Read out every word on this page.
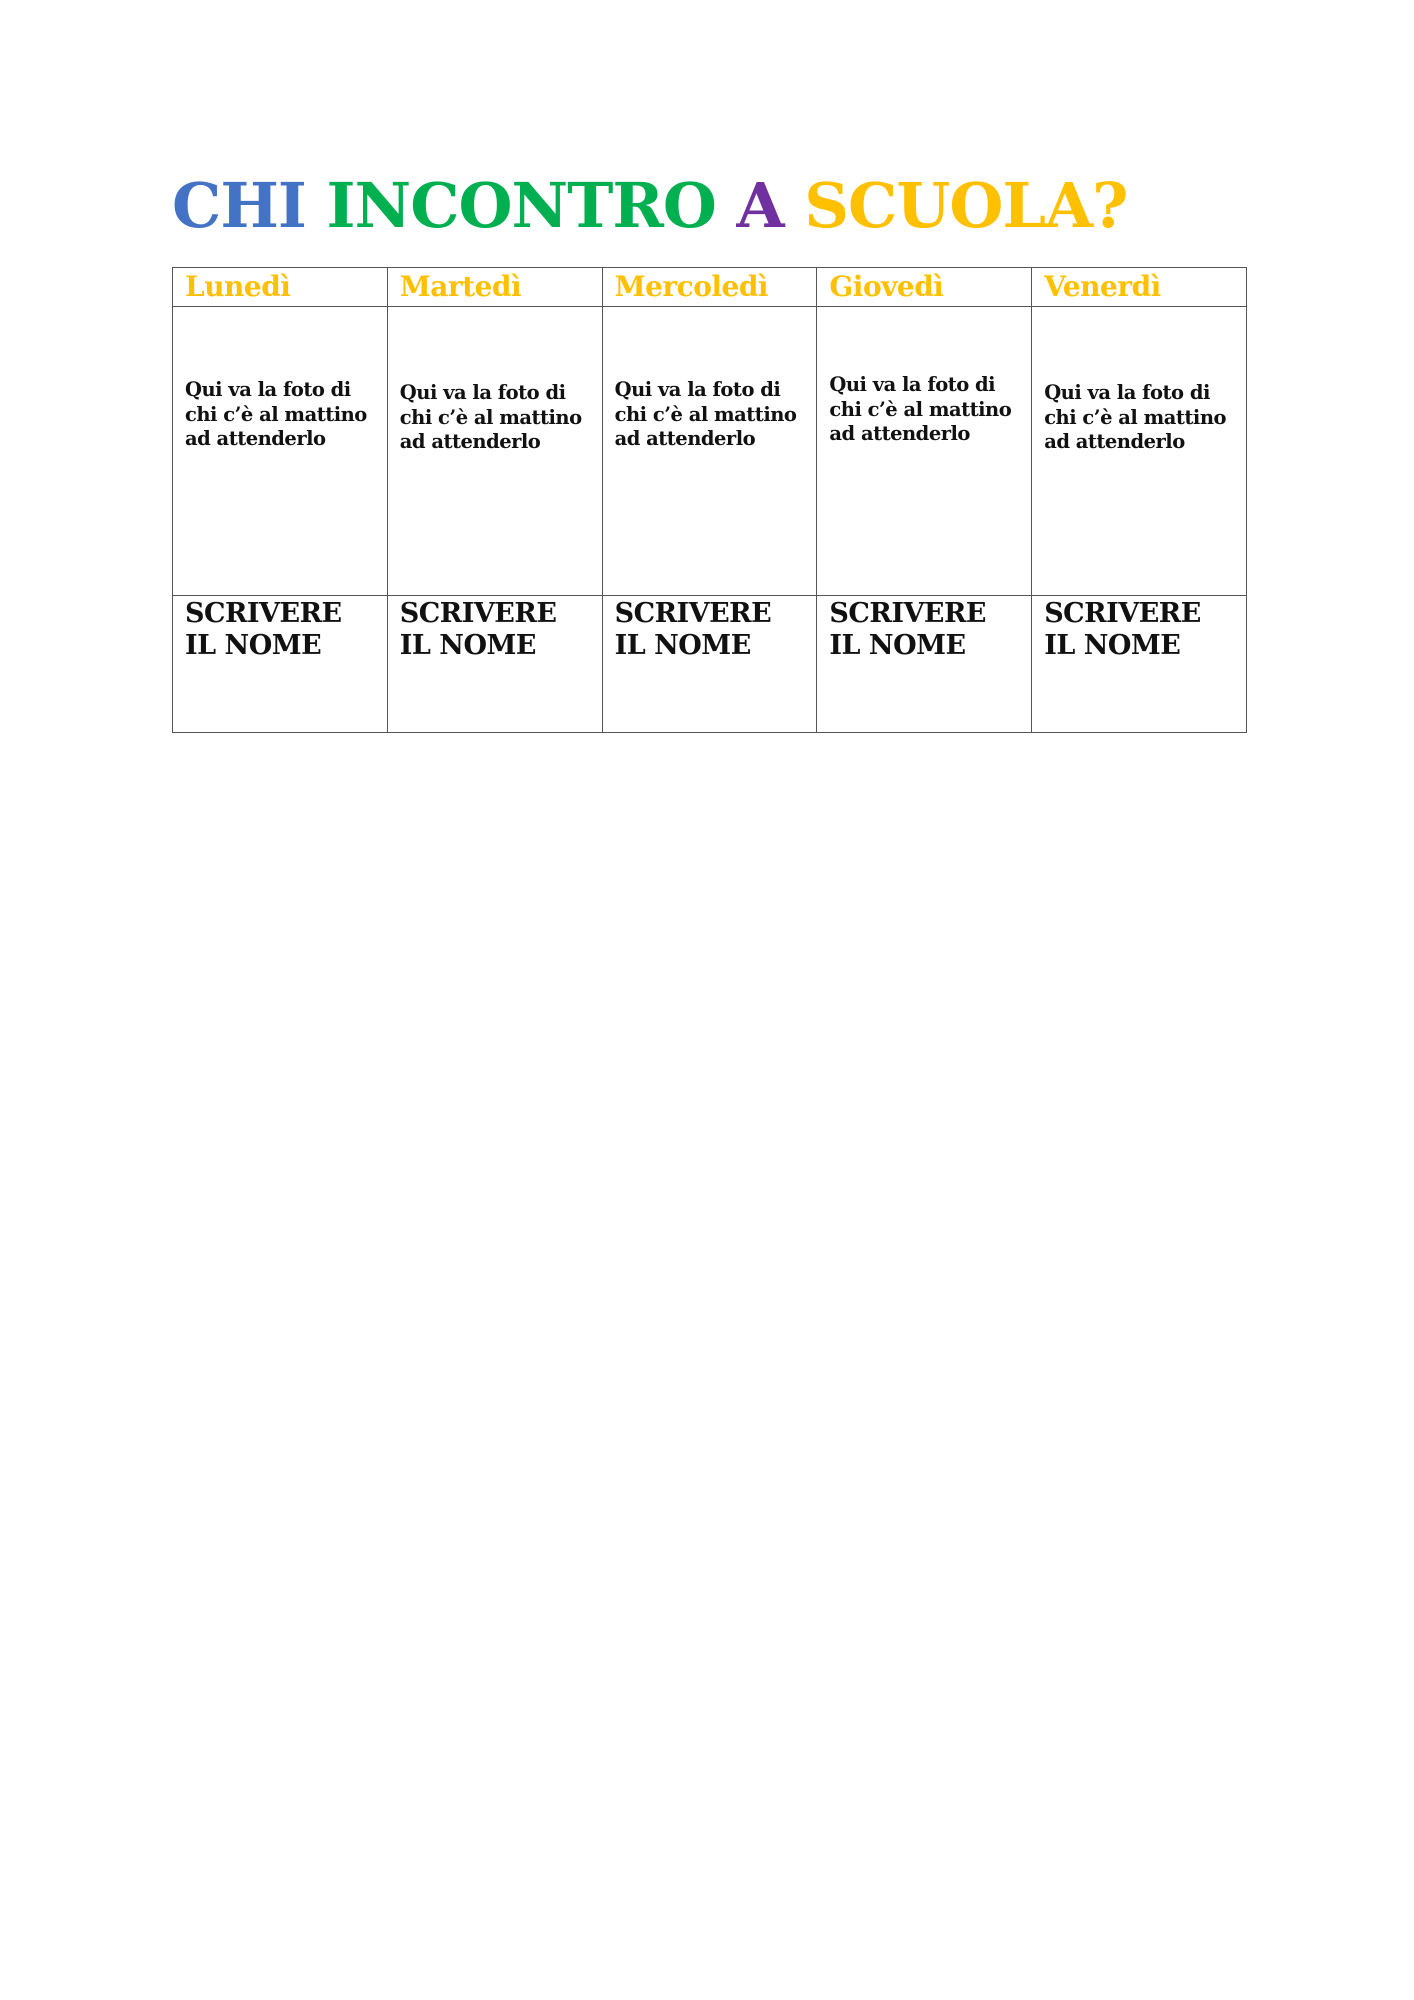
CHI INCONTRO A SCUOLA?
Lunedì	Martedì	Mercoledì	Giovedì	Venerdì

Qui va la foto di chi c’è al mattino ad attenderlo	Qui va la foto di chi c’è al mattino ad attenderlo	Qui va la foto di chi c’è al mattino ad attenderlo	Qui va la foto di chi c’è al mattino ad attenderlo	Qui va la foto di chi c’è al mattino ad attenderlo

SCRIVERE IL NOME	SCRIVERE IL NOME	SCRIVERE IL NOME	SCRIVERE IL NOME	SCRIVERE IL NOME
